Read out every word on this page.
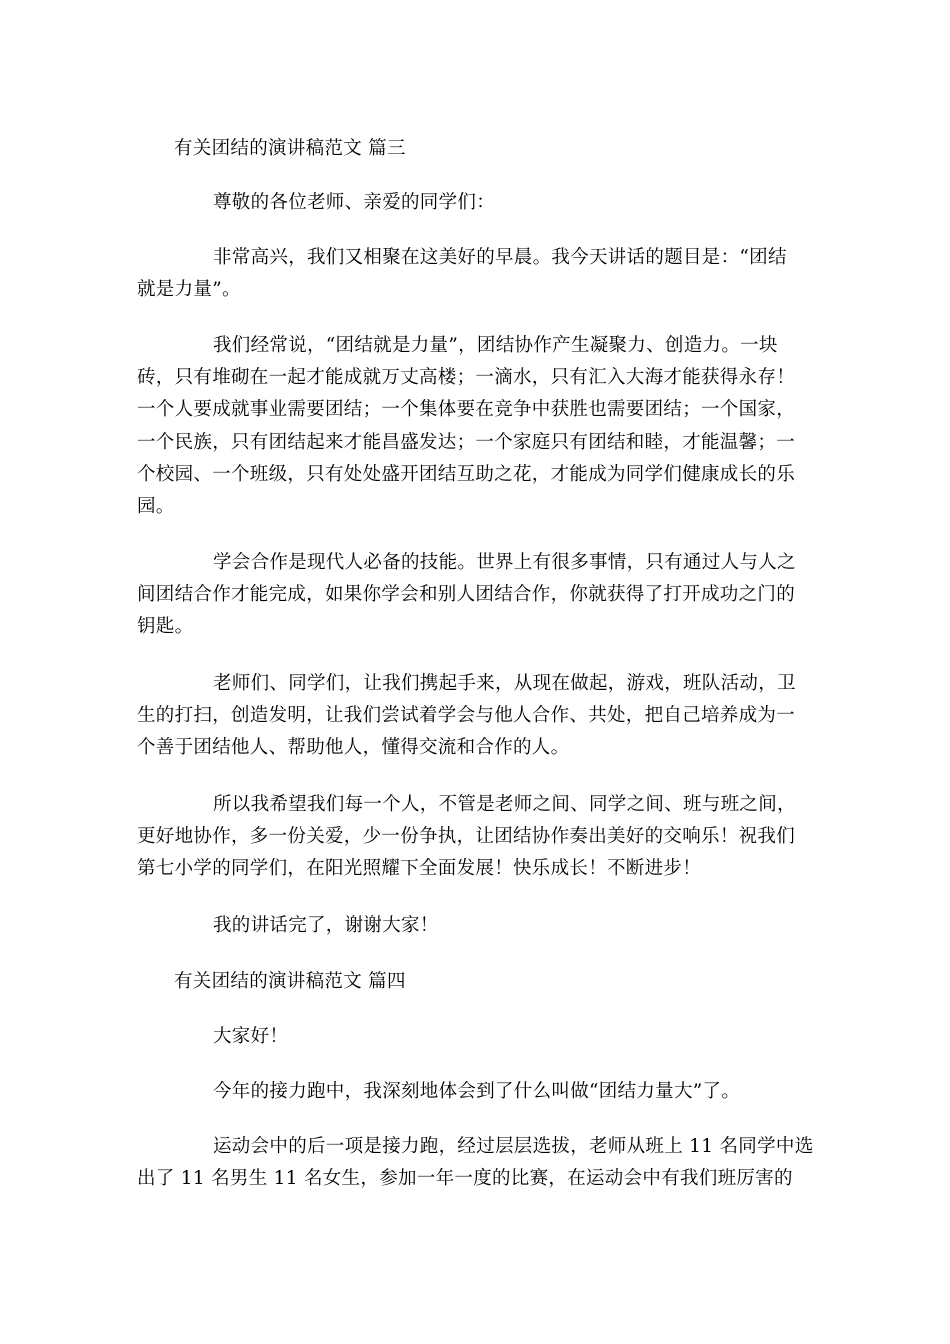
有关团结的演讲稿范文 篇三

尊敬的各位老师、亲爱的同学们：

非常高兴，我们又相聚在这美好的早晨。我今天讲话的题目是：“团结
就是力量”。

我们经常说，“团结就是力量”，团结协作产生凝聚力、创造力。一块
砖，只有堆砌在一起才能成就万丈高楼；一滴水，只有汇入大海才能获得永存！
一个人要成就事业需要团结；一个集体要在竞争中获胜也需要团结；一个国家，
一个民族，只有团结起来才能昌盛发达；一个家庭只有团结和睦，才能温馨；一
个校园、一个班级，只有处处盛开团结互助之花，才能成为同学们健康成长的乐
园。

学会合作是现代人必备的技能。世界上有很多事情，只有通过人与人之
间团结合作才能完成，如果你学会和别人团结合作，你就获得了打开成功之门的
钥匙。

老师们、同学们，让我们携起手来，从现在做起，游戏，班队活动，卫
生的打扫，创造发明，让我们尝试着学会与他人合作、共处，把自己培养成为一
个善于团结他人、帮助他人，懂得交流和合作的人。

所以我希望我们每一个人，不管是老师之间、同学之间、班与班之间，
更好地协作，多一份关爱，少一份争执，让团结协作奏出美好的交响乐！祝我们
第七小学的同学们，在阳光照耀下全面发展！快乐成长！不断进步！

我的讲话完了，谢谢大家！

有关团结的演讲稿范文 篇四

大家好！

今年的接力跑中，我深刻地体会到了什么叫做“团结力量大”了。

运动会中的后一项是接力跑，经过层层选拔，老师从班上 11 名同学中选
出了 11 名男生 11 名女生，参加一年一度的比赛，在运动会中有我们班厉害的
